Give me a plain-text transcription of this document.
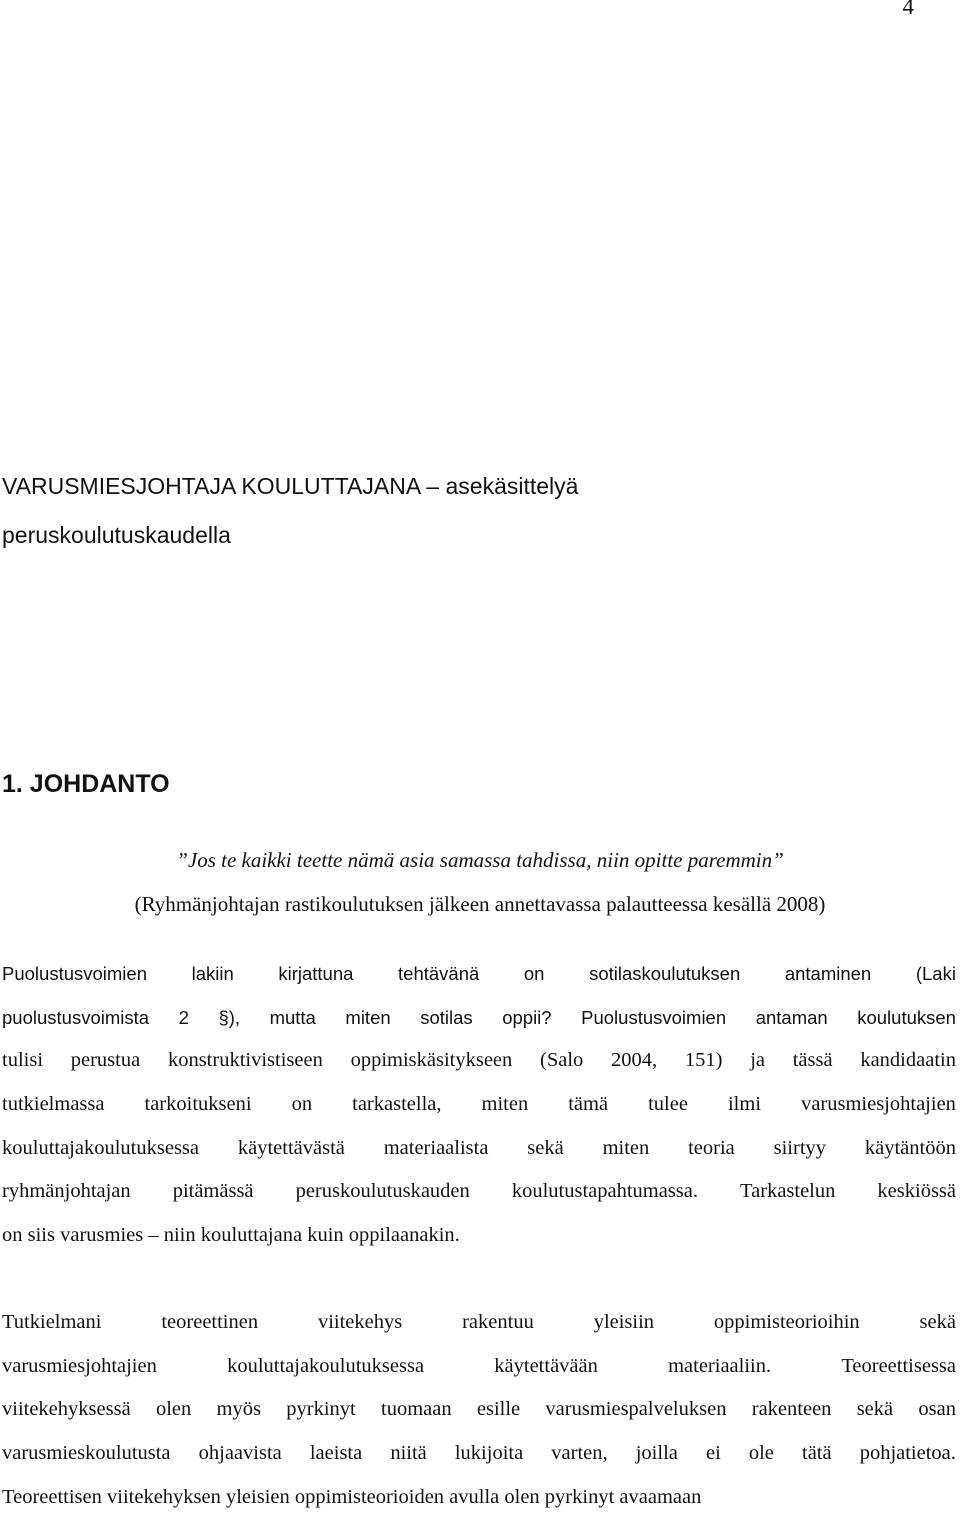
4
VARUSMIESJOHTAJA KOULUTTAJANA – asekäsittelyä
peruskoulutuskaudella
1. JOHDANTO
”Jos te kaikki teette nämä asia samassa tahdissa, niin opitte paremmin”
(Ryhmänjohtajan rastikoulutuksen jälkeen annettavassa palautteessa kesällä 2008)
Puolustusvoimien lakiin kirjattuna tehtävänä on sotilaskoulutuksen antaminen (Laki
puolustusvoimista 2 §), mutta miten sotilas oppii? Puolustusvoimien antaman koulutuksen
tulisi perustua konstruktivistiseen oppimiskäsitykseen (Salo 2004, 151) ja tässä kandidaatin
tutkielmassa tarkoitukseni on tarkastella, miten tämä tulee ilmi varusmiesjohtajien
kouluttajakoulutuksessa käytettävästä materiaalista sekä miten teoria siirtyy käytäntöön
ryhmänjohtajan pitämässä peruskoulutuskauden koulutustapahtumassa. Tarkastelun keskiössä
on siis varusmies – niin kouluttajana kuin oppilaanakin.
Tutkielmani	teoreettinen	viitekehys	rakentuu	yleisiin	oppimisteorioihin	sekä
varusmiesjohtajien	kouluttajakoulutuksessa	käytettävään	materiaaliin.	Teoreettisessa
viitekehyksessä olen myös pyrkinyt tuomaan esille varusmiespalveluksen rakenteen sekä osan
varusmieskoulutusta ohjaavista laeista niitä lukijoita varten, joilla ei ole tätä pohjatietoa.
Teoreettisen viitekehyksen yleisien oppimisteorioiden avulla olen pyrkinyt avaamaan
